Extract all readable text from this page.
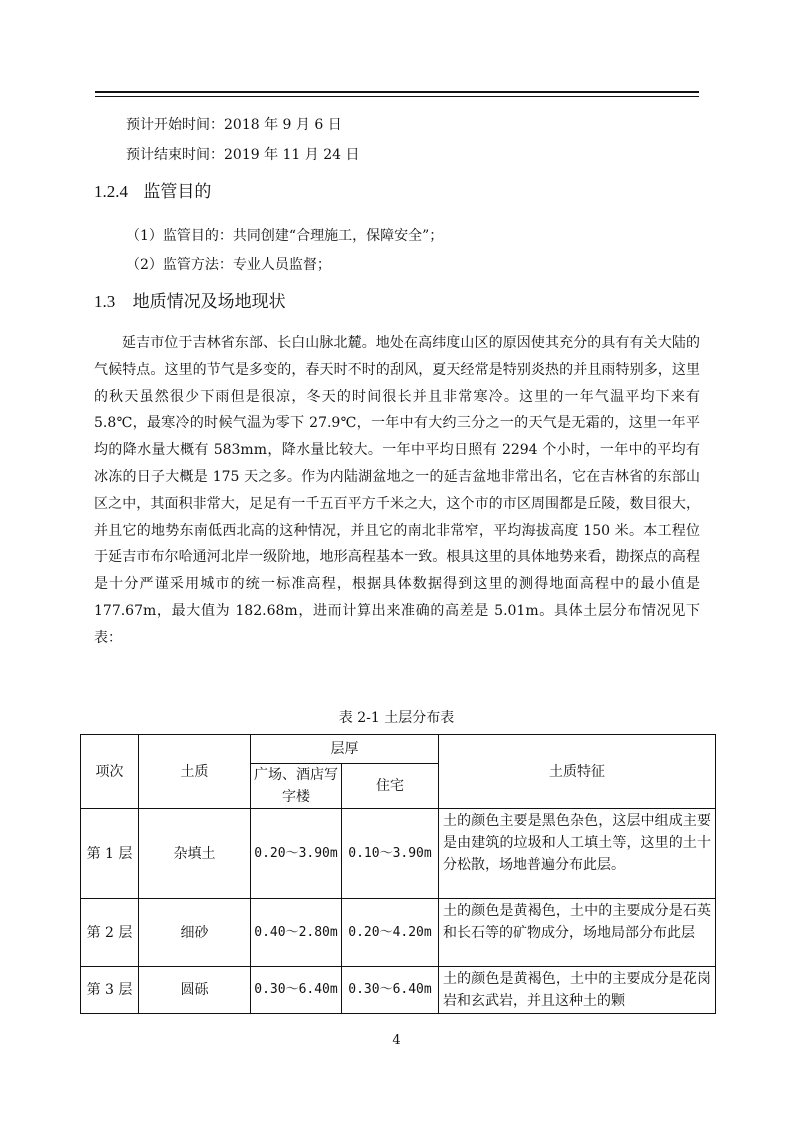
预计开始时间：2018 年 9 月 6 日
预计结束时间：2019 年 11 月 24 日
1.2.4 监管目的
（1）监管目的：共同创建“合理施工，保障安全”；
（2）监管方法：专业人员监督；
1.3 地质情况及场地现状

延吉市位于吉林省东部、长白山脉北麓。地处在高纬度山区的原因使其充分的具有有关大陆的气候特点。这里的节气是多变的，春天时不时的刮风，夏天经常是特别炎热的并且雨特别多，这里的秋天虽然很少下雨但是很凉，冬天的时间很长并且非常寒冷。这里的一年气温平均下来有 5.8℃，最寒冷的时候气温为零下 27.9℃，一年中有大约三分之一的天气是无霜的，这里一年平均的降水量大概有 583mm，降水量比较大。一年中平均日照有 2294 个小时，一年中的平均有冰冻的日子大概是 175 天之多。作为内陆湖盆地之一的延吉盆地非常出名，它在吉林省的东部山区之中，其面积非常大，足足有一千五百平方千米之大，这个市的市区周围都是丘陵，数目很大，并且它的地势东南低西北高的这种情况，并且它的南北非常窄，平均海拔高度 150 米。本工程位于延吉市布尔哈通河北岸一级阶地，地形高程基本一致。根具这里的具体地势来看，勘探点的高程是十分严谨采用城市的统一标准高程，根据具体数据得到这里的测得地面高程中的最小值是 177.67m，最大值为 182.68m，进而计算出来准确的高差是 5.01m。具体土层分布情况见下表：

表 2-1 土层分布表
项次	土质	层厚		土质特征
		广场、酒店写字楼	住宅	
第 1 层	杂填土	0.20～3.90m	0.10～3.90m	土的颜色主要是黑色杂色，这层中组成主要是由建筑的垃圾和人工填土等，这里的土十分松散，场地普遍分布此层。
第 2 层	细砂	0.40～2.80m	0.20～4.20m	土的颜色是黄褐色，土中的主要成分是石英和长石等的矿物成分，场地局部分布此层
第 3 层	圆砾	0.30～6.40m	0.30～6.40m	土的颜色是黄褐色，土中的主要成分是花岗岩和玄武岩，并且这种土的颗
4
